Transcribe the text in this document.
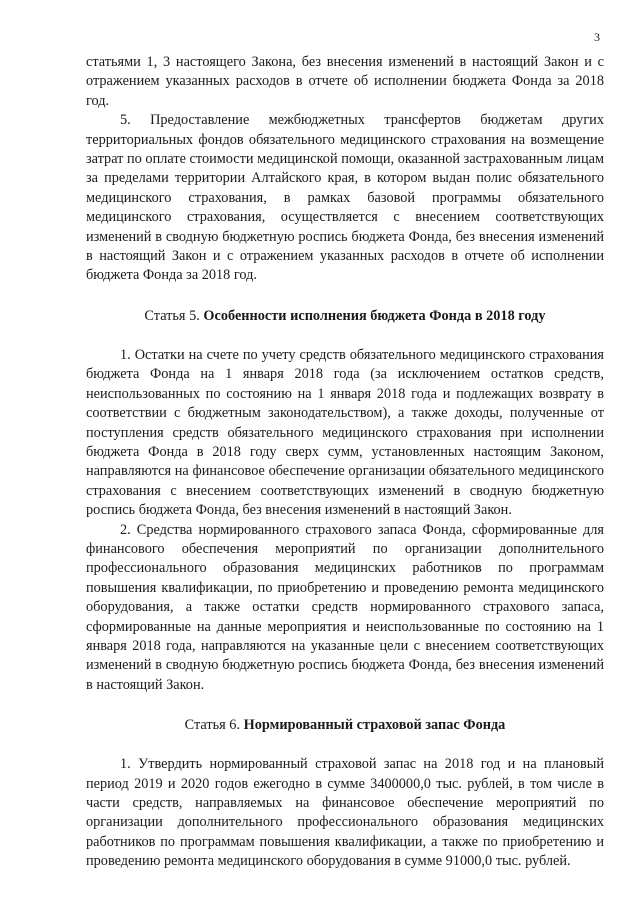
3

статьями 1, 3 настоящего Закона, без внесения изменений в настоящий Закон и с отражением указанных расходов в отчете об исполнении бюджета Фонда за 2018 год.

5. Предоставление межбюджетных трансфертов бюджетам других территориальных фондов обязательного медицинского страхования на возмещение затрат по оплате стоимости медицинской помощи, оказанной застрахованным лицам за пределами территории Алтайского края, в котором выдан полис обязательного медицинского страхования, в рамках базовой программы обязательного медицинского страхования, осуществляется с внесением соответствующих изменений в сводную бюджетную роспись бюджета Фонда, без внесения изменений в настоящий Закон и с отражением указанных расходов в отчете об исполнении бюджета Фонда за 2018 год.

Статья 5. Особенности исполнения бюджета Фонда в 2018 году

1. Остатки на счете по учету средств обязательного медицинского страхования бюджета Фонда на 1 января 2018 года (за исключением остатков средств, неиспользованных по состоянию на 1 января 2018 года и подлежащих возврату в соответствии с бюджетным законодательством), а также доходы, полученные от поступления средств обязательного медицинского страхования при исполнении бюджета Фонда в 2018 году сверх сумм, установленных настоящим Законом, направляются на финансовое обеспечение организации обязательного медицинского страхования с внесением соответствующих изменений в сводную бюджетную роспись бюджета Фонда, без внесения изменений в настоящий Закон.

2. Средства нормированного страхового запаса Фонда, сформированные для финансового обеспечения мероприятий по организации дополнительного профессионального образования медицинских работников по программам повышения квалификации, по приобретению и проведению ремонта медицинского оборудования, а также остатки средств нормированного страхового запаса, сформированные на данные мероприятия и неиспользованные по состоянию на 1 января 2018 года, направляются на указанные цели с внесением соответствующих изменений в сводную бюджетную роспись бюджета Фонда, без внесения изменений в настоящий Закон.

Статья 6. Нормированный страховой запас Фонда

1. Утвердить нормированный страховой запас на 2018 год и на плановый период 2019 и 2020 годов ежегодно в сумме 3400000,0 тыс. рублей, в том числе в части средств, направляемых на финансовое обеспечение мероприятий по организации дополнительного профессионального образования медицинских работников по программам повышения квалификации, а также по приобретению и проведению ремонта медицинского оборудования в сумме 91000,0 тыс. рублей.
